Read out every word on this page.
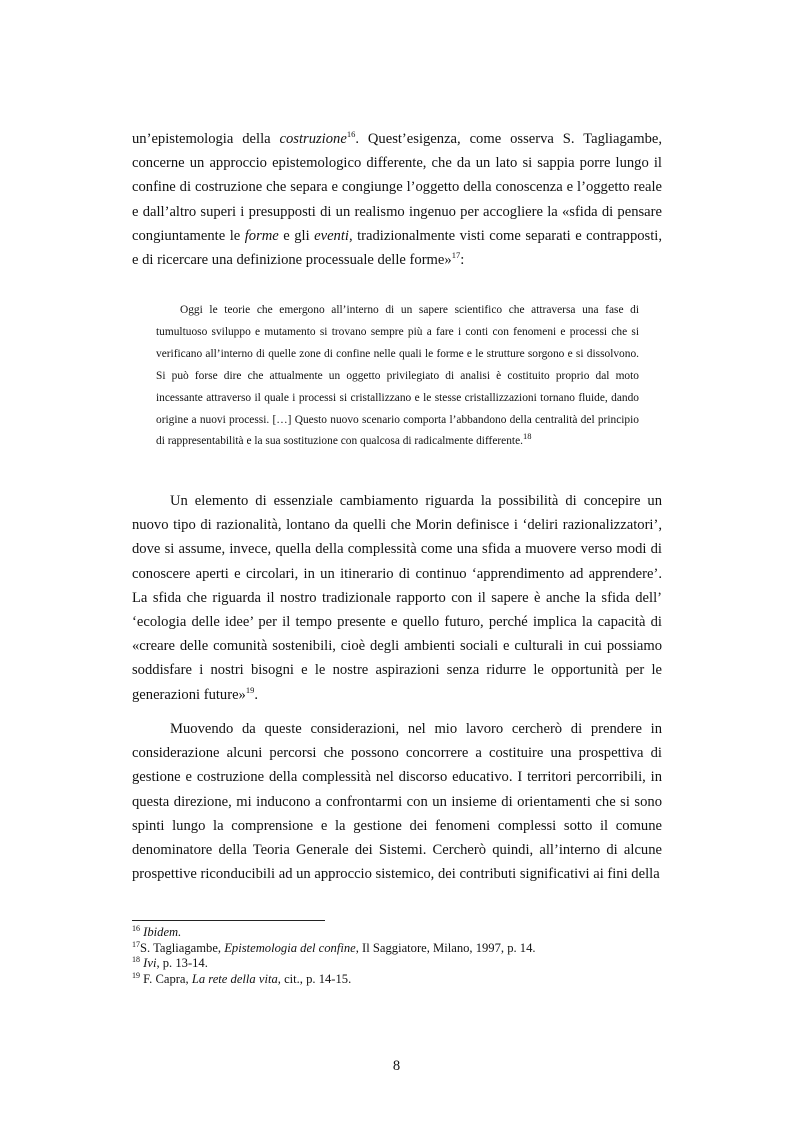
un’epistemologia della costruzione$^{16}$. Quest’esigenza, come osserva S. Tagliagambe, concerne un approccio epistemologico differente, che da un lato si sappia porre lungo il confine di costruzione che separa e congiunge l’oggetto della conoscenza e l’oggetto reale e dall’altro superi i presupposti di un realismo ingenuo per accogliere la «sfida di pensare congiuntamente le forme e gli eventi, tradizionalmente visti come separati e contrapposti, e di ricercare una definizione processuale delle forme»$^{17}$:

Oggi le teorie che emergono all’interno di un sapere scientifico che attraversa una fase di tumultuoso sviluppo e mutamento si trovano sempre più a fare i conti con fenomeni e processi che si verificano all’interno di quelle zone di confine nelle quali le forme e le strutture sorgono e si dissolvono. Si può forse dire che attualmente un oggetto privilegiato di analisi è costituito proprio dal moto incessante attraverso il quale i processi si cristallizzano e le stesse cristallizzazioni tornano fluide, dando origine a nuovi processi. […] Questo nuovo scenario comporta l’abbandono della centralità del principio di rappresentabilità e la sua sostituzione con qualcosa di radicalmente differente.$^{18}$

Un elemento di essenziale cambiamento riguarda la possibilità di concepire un nuovo tipo di razionalità, lontano da quelli che Morin definisce i ‘deliri razionalizzatori’, dove si assume, invece, quella della complessità come una sfida a muovere verso modi di conoscere aperti e circolari, in un itinerario di continuo ‘apprendimento ad apprendere’. La sfida che riguarda il nostro tradizionale rapporto con il sapere è anche la sfida dell’ ‘ecologia delle idee’ per il tempo presente e quello futuro, perché implica la capacità di «creare delle comunità sostenibili, cioè degli ambienti sociali e culturali in cui possiamo soddisfare i nostri bisogni e le nostre aspirazioni senza ridurre le opportunità per le generazioni future»$^{19}$.

Muovendo da queste considerazioni, nel mio lavoro cercherò di prendere in considerazione alcuni percorsi che possono concorrere a costituire una prospettiva di gestione e costruzione della complessità nel discorso educativo. I territori percorribili, in questa direzione, mi inducono a confrontarmi con un insieme di orientamenti che si sono spinti lungo la comprensione e la gestione dei fenomeni complessi sotto il comune denominatore della Teoria Generale dei Sistemi. Cercherò quindi, all’interno di alcune prospettive riconducibili ad un approccio sistemico, dei contributi significativi ai fini della

$^{16}$ Ibidem.
$^{17}$S. Tagliagambe, Epistemologia del confine, Il Saggiatore, Milano, 1997, p. 14.
$^{18}$ Ivi, p. 13-14.
$^{19}$ F. Capra, La rete della vita, cit., p. 14-15.
8
